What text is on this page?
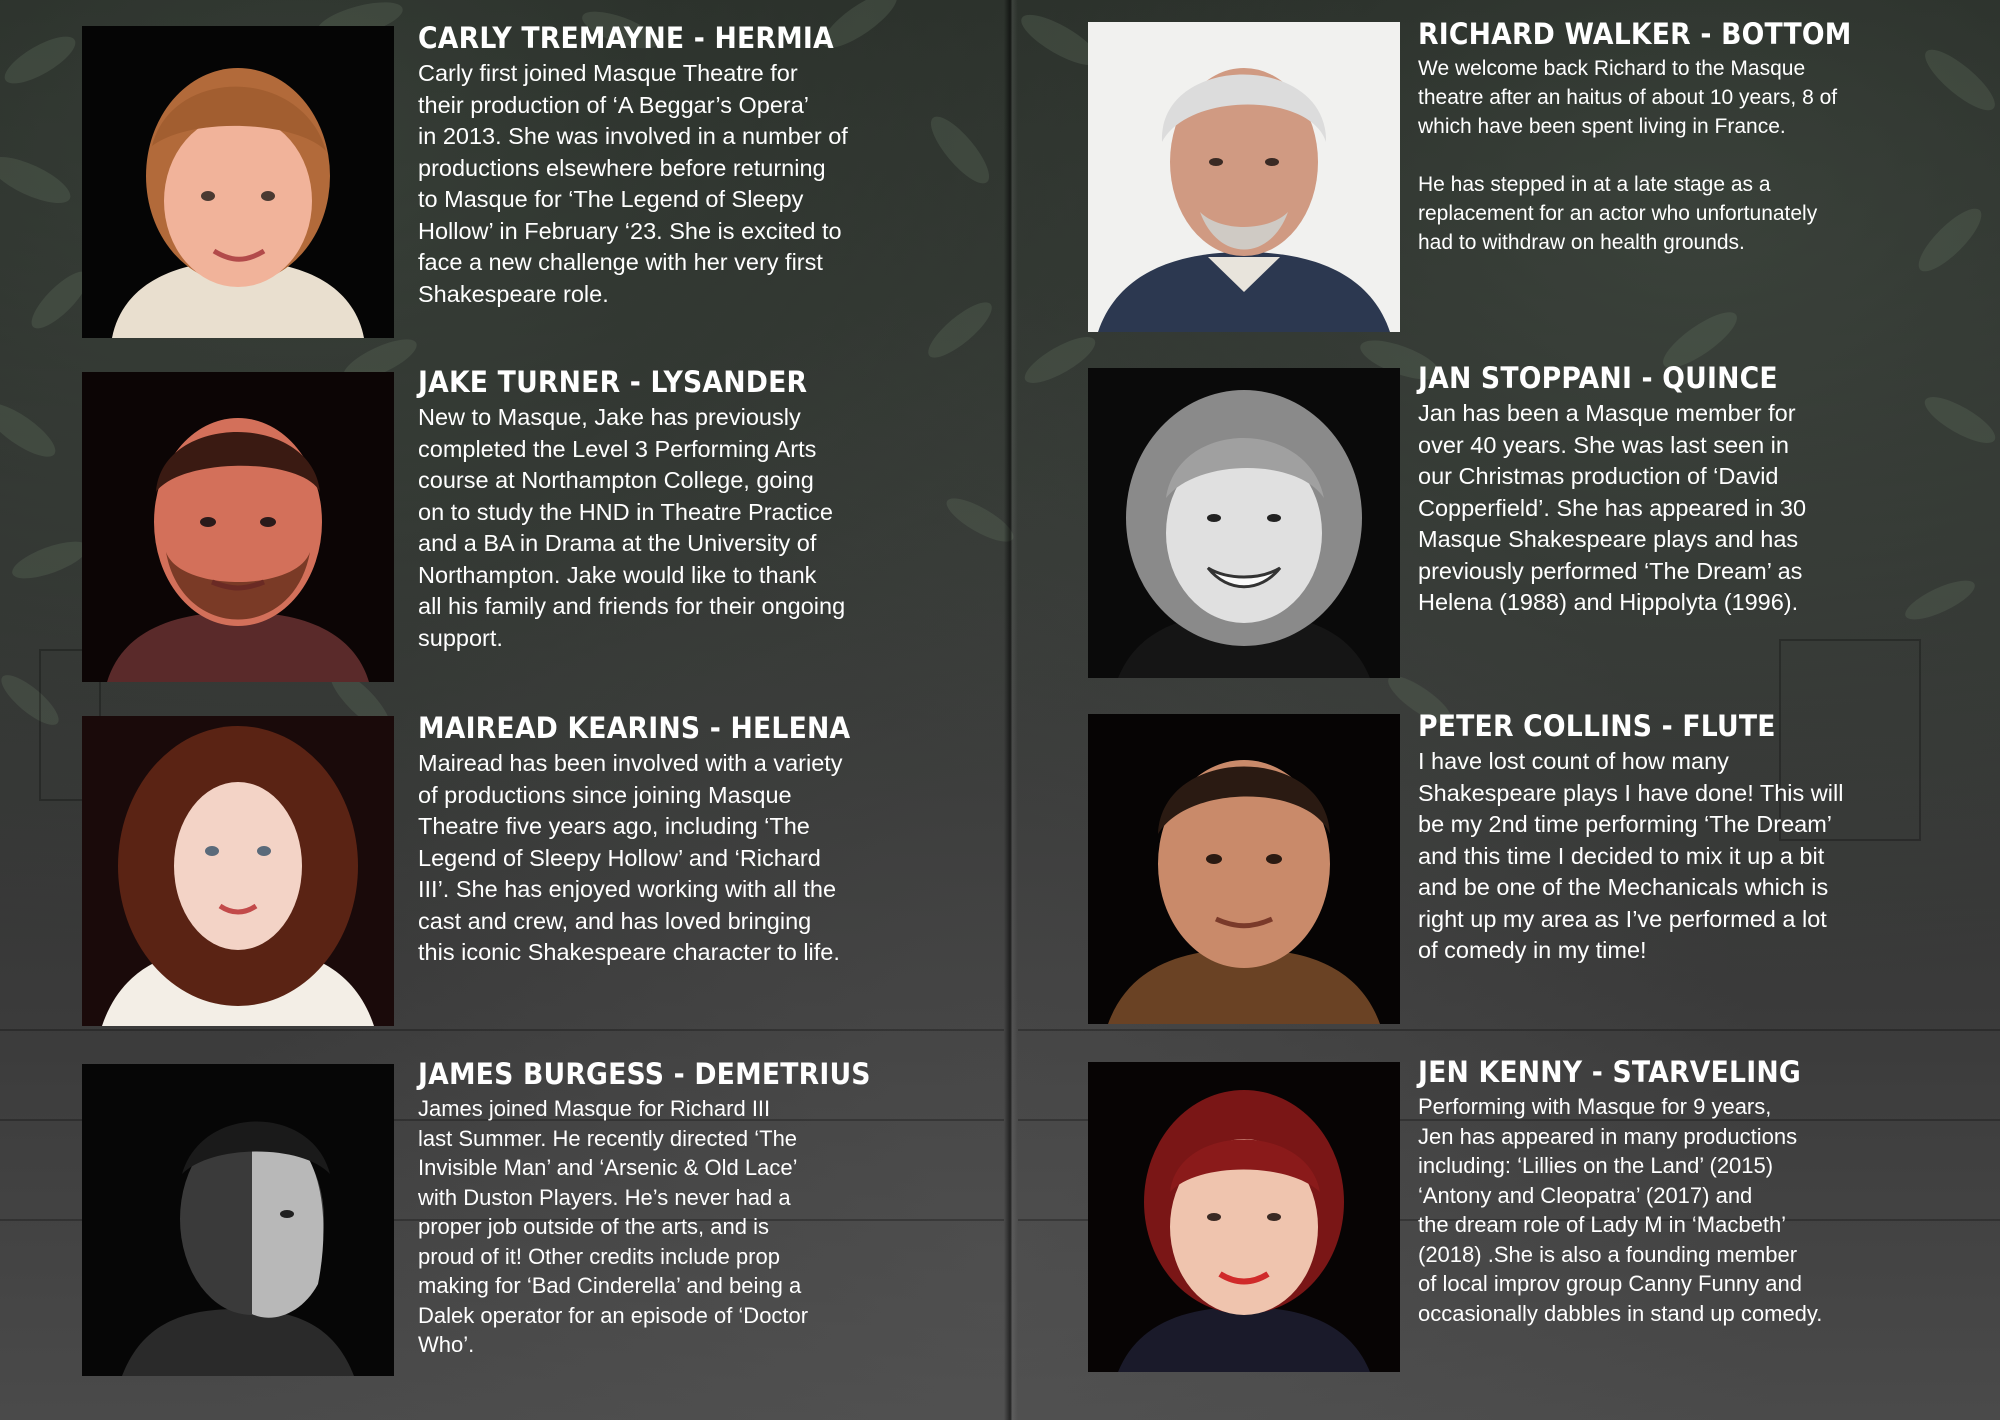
CARLY TREMAYNE - HERMIA

Carly first joined Masque Theatre for
their production of ‘A Beggar’s Opera’
in 2013. She was involved in a number of
productions elsewhere before returning
to Masque for ‘The Legend of Sleepy
Hollow’ in February ‘23. She is excited to
face a new challenge with her very first
Shakespeare role.

JAKE TURNER - LYSANDER

New to Masque, Jake has previously
completed the Level 3 Performing Arts
course at Northampton College, going
on to study the HND in Theatre Practice
and a BA in Drama at the University of
Northampton. Jake would like to thank
all his family and friends for their ongoing
support.

MAIREAD KEARINS - HELENA

Mairead has been involved with a variety
of productions since joining Masque
Theatre five years ago, including ‘The
Legend of Sleepy Hollow’ and ‘Richard
III’. She has enjoyed working with all the
cast and crew, and has loved bringing
this iconic Shakespeare character to life.

JAMES BURGESS - DEMETRIUS

James joined Masque for Richard III
last Summer. He recently directed ‘The
Invisible Man’ and ‘Arsenic & Old Lace’
with Duston Players. He’s never had a
proper job outside of the arts, and is
proud of it! Other credits include prop
making for ‘Bad Cinderella’ and being a
Dalek operator for an episode of ‘Doctor
Who’.

RICHARD WALKER - BOTTOM

We welcome back Richard to the Masque
theatre after an haitus of about 10 years, 8 of
which have been spent living in France.

He has stepped in at a late stage as a
replacement for an actor who unfortunately
had to withdraw on health grounds.

JAN STOPPANI - QUINCE

Jan has been a Masque member for
over 40 years. She was last seen in
our Christmas production of ‘David
Copperfield’. She has appeared in 30
Masque Shakespeare plays and has
previously performed ‘The Dream’ as
Helena (1988) and Hippolyta (1996).

PETER COLLINS - FLUTE

I have lost count of how many
Shakespeare plays I have done! This will
be my 2nd time performing ‘The Dream’
and this time I decided to mix it up a bit
and be one of the Mechanicals which is
right up my area as I’ve performed a lot
of comedy in my time!

JEN KENNY - STARVELING

Performing with Masque for 9 years,
Jen has appeared in many productions
including: ‘Lillies on the Land’ (2015)
‘Antony and Cleopatra’ (2017) and
the dream role of Lady M in ‘Macbeth’
(2018) .She is also a founding member
of local improv group Canny Funny and
occasionally dabbles in stand up comedy.
